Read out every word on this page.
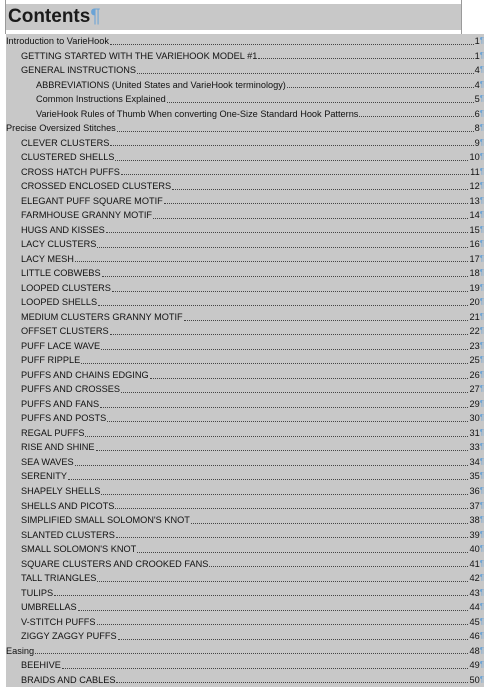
Contents¶
Introduction to VarieHook	1 ¶
GETTING STARTED WITH THE VARIEHOOK MODEL #1	1 ¶
GENERAL INSTRUCTIONS	4 ¶
ABBREVIATIONS (United States and VarieHook terminology)	4 ¶
Common Instructions Explained	5 ¶
VarieHook Rules of Thumb When converting One-Size Standard Hook Patterns	6 ¶
Precise Oversized Stitches	8 ¶
CLEVER CLUSTERS	9 ¶
CLUSTERED SHELLS	10 ¶
CROSS HATCH PUFFS	11 ¶
CROSSED ENCLOSED CLUSTERS	12 ¶
ELEGANT PUFF SQUARE MOTIF	13 ¶
FARMHOUSE GRANNY MOTIF	14 ¶
HUGS AND KISSES	15 ¶
LACY CLUSTERS	16 ¶
LACY MESH	17 ¶
LITTLE COBWEBS	18 ¶
LOOPED CLUSTERS	19 ¶
LOOPED SHELLS	20 ¶
MEDIUM CLUSTERS GRANNY MOTIF	21 ¶
OFFSET CLUSTERS	22 ¶
PUFF LACE WAVE	23 ¶
PUFF RIPPLE	25 ¶
PUFFS AND CHAINS EDGING	26 ¶
PUFFS AND CROSSES	27 ¶
PUFFS AND FANS	29 ¶
PUFFS AND POSTS	30 ¶
REGAL PUFFS	31 ¶
RISE AND SHINE	33 ¶
SEA WAVES	34 ¶
SERENITY	35 ¶
SHAPELY SHELLS	36 ¶
SHELLS AND PICOTS	37 ¶
SIMPLIFIED SMALL SOLOMON'S KNOT	38 ¶
SLANTED CLUSTERS	39 ¶
SMALL SOLOMON'S KNOT	40 ¶
SQUARE CLUSTERS AND CROOKED FANS	41 ¶
TALL TRIANGLES	42 ¶
TULIPS	43 ¶
UMBRELLAS	44 ¶
V-STITCH PUFFS	45 ¶
ZIGGY ZAGGY PUFFS	46 ¶
Easing	48 ¶
BEEHIVE	49 ¶
BRAIDS AND CABLES	50 ¶
